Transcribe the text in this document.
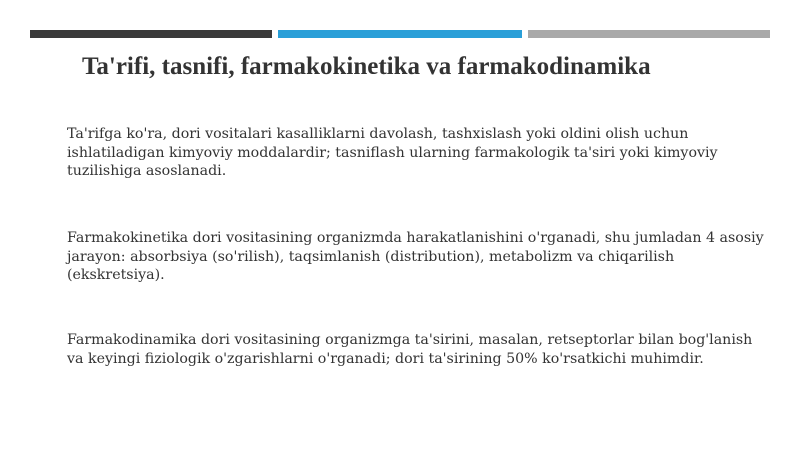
Ta'rifi, tasnifi, farmakokinetika va farmakodinamika
Ta'rifga ko'ra, dori vositalari kasalliklarni davolash, tashxislash yoki oldini olish uchun ishlatiladigan kimyoviy moddalardir; tasniflash ularning farmakologik ta'siri yoki kimyoviy tuzilishiga asoslanadi.
Farmakokinetika dori vositasining organizmda harakatlanishini o'rganadi, shu jumladan 4 asosiy jarayon: absorbsiya (so'rilish), taqsimlanish (distribution), metabolizm va chiqarilish (ekskretsiya).
Farmakodinamika dori vositasining organizmga ta'sirini, masalan, retseptorlar bilan bog'lanish va keyingi fiziologik o'zgarishlarni o'rganadi; dori ta'sirining 50% ko'rsatkichi muhimdir.
